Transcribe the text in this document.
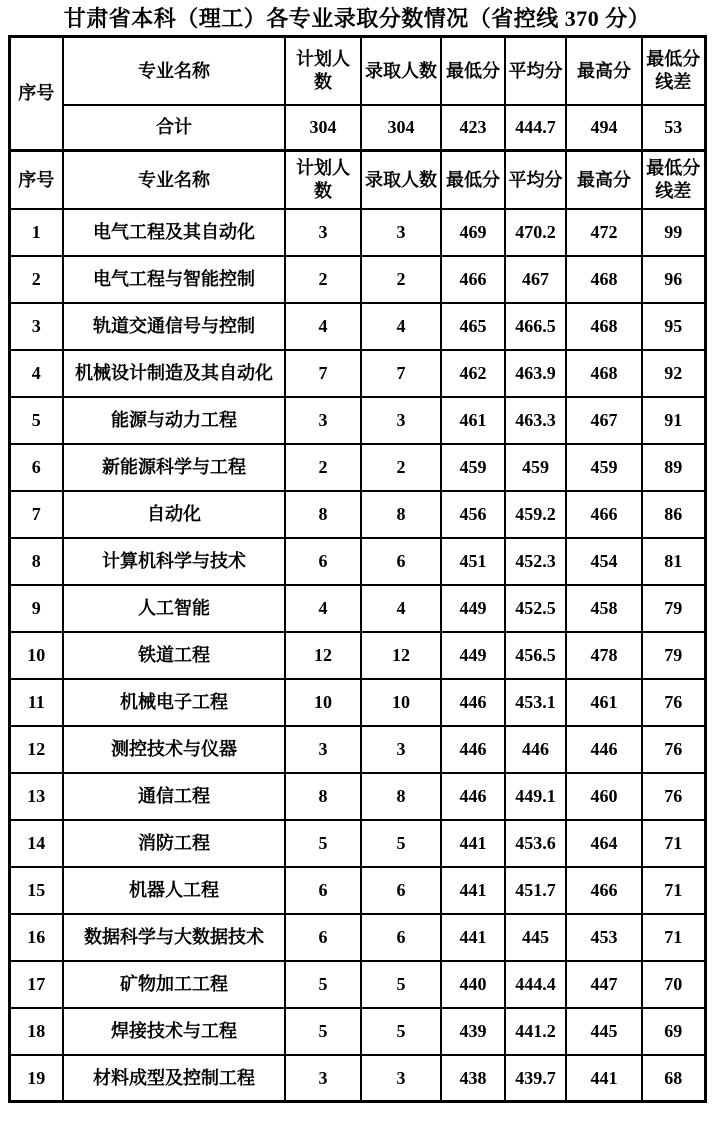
甘肃省本科（理工）各专业录取分数情况（省控线 370 分）
序号	专业名称	计划人数	录取人数	最低分	平均分	最高分	最低分
线差
	合计	304	304	423	444.7	494	53
序号	专业名称	计划人数	录取人数	最低分	平均分	最高分	最低分
线差
1	电气工程及其自动化	3	3	469	470.2	472	99
2	电气工程与智能控制	2	2	466	467	468	96
3	轨道交通信号与控制	4	4	465	466.5	468	95
4	机械设计制造及其自动化	7	7	462	463.9	468	92
5	能源与动力工程	3	3	461	463.3	467	91
6	新能源科学与工程	2	2	459	459	459	89
7	自动化	8	8	456	459.2	466	86
8	计算机科学与技术	6	6	451	452.3	454	81
9	人工智能	4	4	449	452.5	458	79
10	铁道工程	12	12	449	456.5	478	79
11	机械电子工程	10	10	446	453.1	461	76
12	测控技术与仪器	3	3	446	446	446	76
13	通信工程	8	8	446	449.1	460	76
14	消防工程	5	5	441	453.6	464	71
15	机器人工程	6	6	441	451.7	466	71
16	数据科学与大数据技术	6	6	441	445	453	71
17	矿物加工工程	5	5	440	444.4	447	70
18	焊接技术与工程	5	5	439	441.2	445	69
19	材料成型及控制工程	3	3	438	439.7	441	68
